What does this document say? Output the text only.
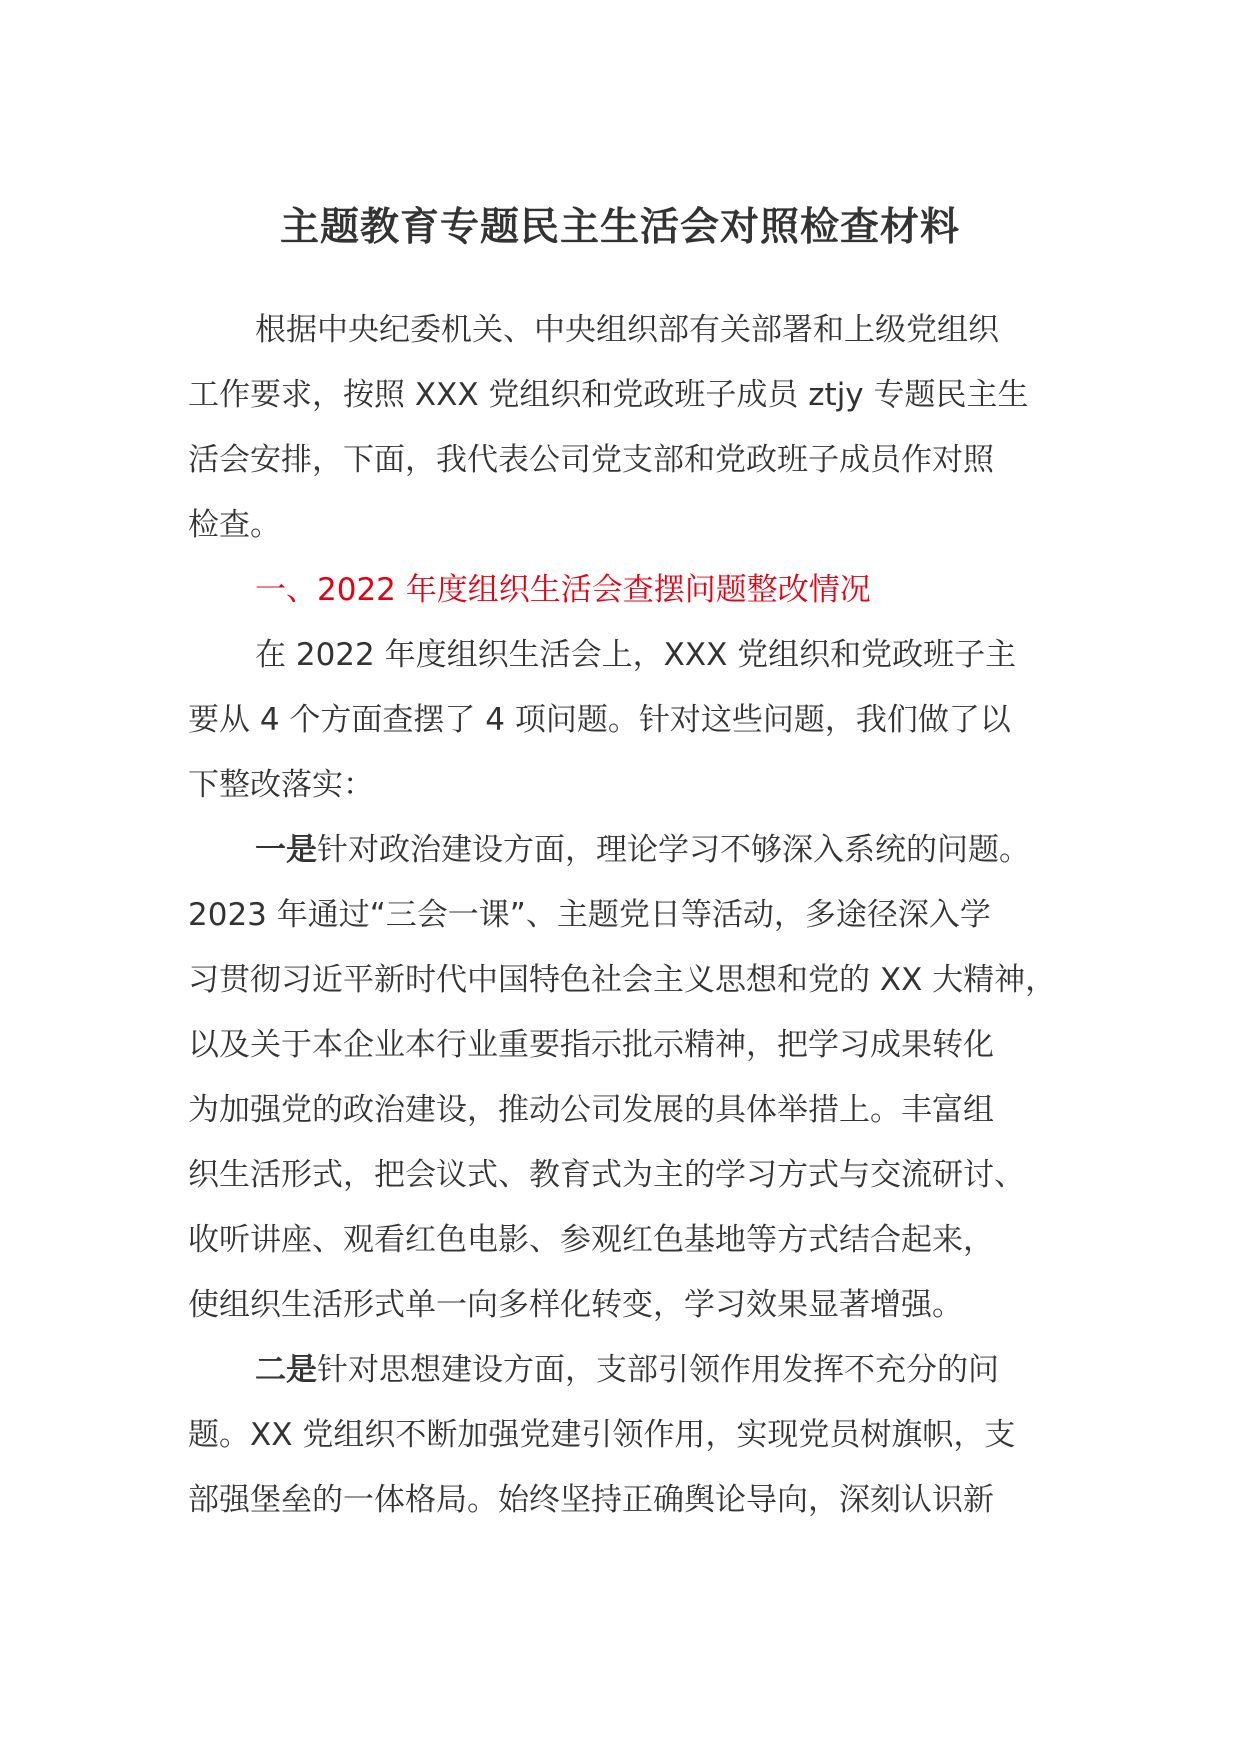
主题教育专题民主生活会对照检查材料
根据中央纪委机关、中央组织部有关部署和上级党组织
工作要求，按照 XXX 党组织和党政班子成员 ztjy 专题民主生
活会安排，下面，我代表公司党支部和党政班子成员作对照
检查。
一、2022 年度组织生活会查摆问题整改情况
在 2022 年度组织生活会上，XXX 党组织和党政班子主
要从 4 个方面查摆了 4 项问题。针对这些问题，我们做了以
下整改落实：
一是针对政治建设方面，理论学习不够深入系统的问题。
2023 年通过“三会一课”、主题党日等活动，多途径深入学
习贯彻习近平新时代中国特色社会主义思想和党的 XX 大精神，
以及关于本企业本行业重要指示批示精神，把学习成果转化
为加强党的政治建设，推动公司发展的具体举措上。丰富组
织生活形式，把会议式、教育式为主的学习方式与交流研讨、
收听讲座、观看红色电影、参观红色基地等方式结合起来，
使组织生活形式单一向多样化转变，学习效果显著增强。
二是针对思想建设方面，支部引领作用发挥不充分的问
题。XX 党组织不断加强党建引领作用，实现党员树旗帜，支
部强堡垒的一体格局。始终坚持正确舆论导向，深刻认识新
